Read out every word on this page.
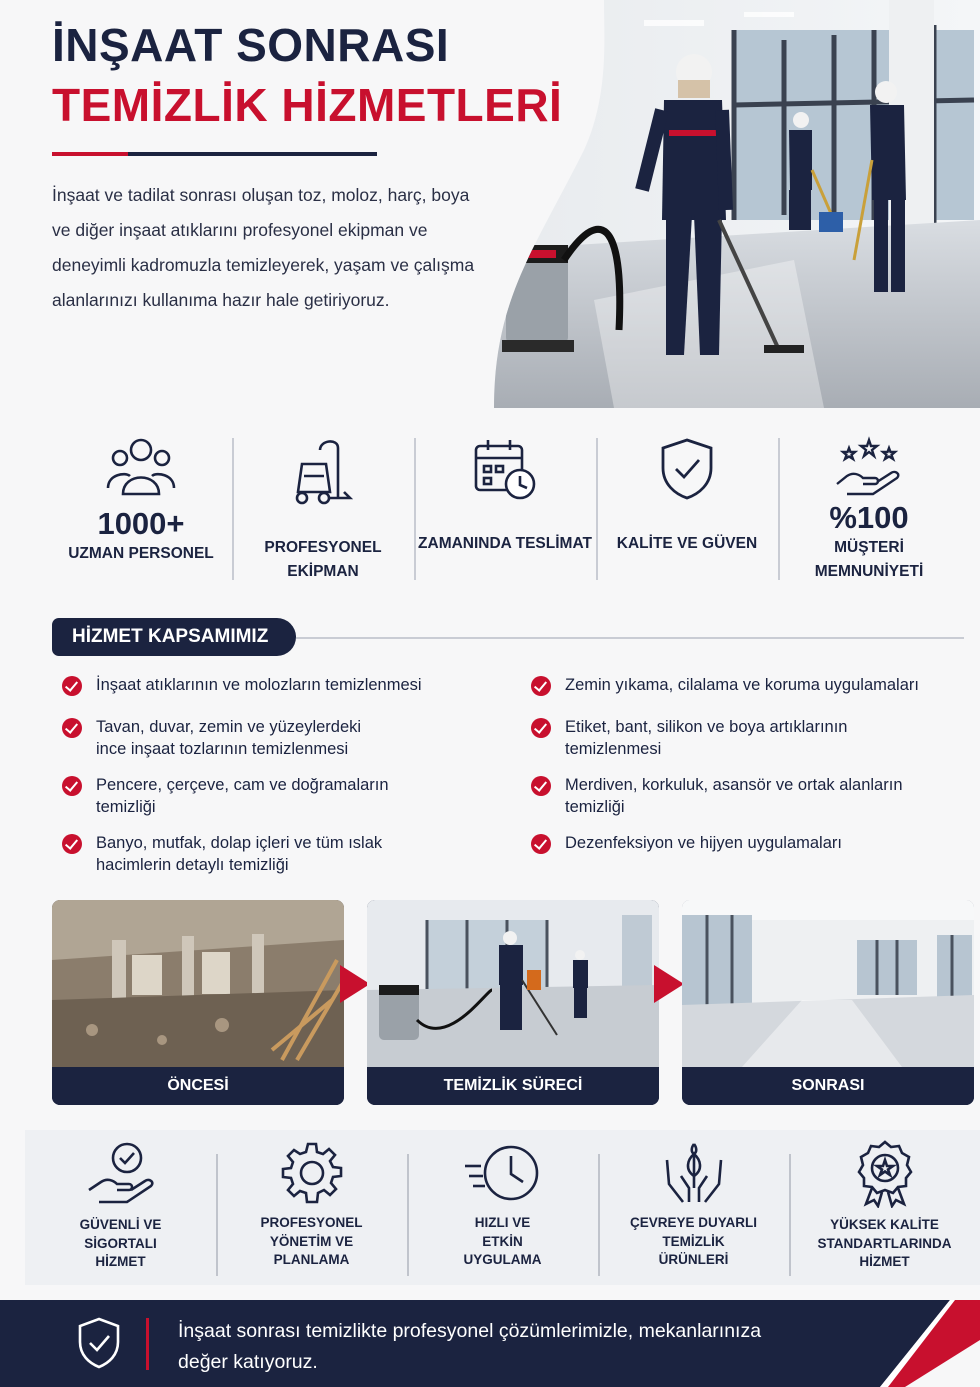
İNŞAAT SONRASI
TEMİZLİK HİZMETLERİ

İnşaat ve tadilat sonrası oluşan toz, moloz, harç, boya ve diğer inşaat atıklarını profesyonel ekipman ve deneyimli kadromuzla temizleyerek, yaşam ve çalışma alanlarınızı kullanıma hazır hale getiriyoruz.

1000+
UZMAN PERSONEL	PROFESYONEL EKİPMAN
ZAMANINDA TESLİMAT KALİTE VE GÜVEN
%100
MÜŞTERİ MEMNUNİYETİ
HİZMET KAPSAMIMIZ
İnşaat atıklarının ve molozların temizlenmesi
Tavan, duvar, zemin ve yüzeylerdeki ince inşaat tozlarının temizlenmesi
Pencere, çerçeve, cam ve doğramaların temizliği
Banyo, mutfak, dolap içleri ve tüm ıslak hacimlerin detaylı temizliği
Zemin yıkama, cilalama ve koruma uygulamaları
Etiket, bant, silikon ve boya artıklarının temizlenmesi
Merdiven, korkuluk, asansör ve ortak alanların temizliği
Dezenfeksiyon ve hijyen uygulamaları
ÖNCESİ	TEMİZLİK SÜRECİ	SONRASI
GÜVENLİ VE SİGORTALI HİZMET
PROFESYONEL YÖNETİM VE PLANLAMA
HIZLI VE ETKİN UYGULAMA
ÇEVREYE DUYARLI TEMİZLİK ÜRÜNLERİ
YÜKSEK KALİTE STANDARTLARINDA HİZMET
İnşaat sonrası temizlikte profesyonel çözümlerimizle, mekanlarınıza değer katıyoruz.
